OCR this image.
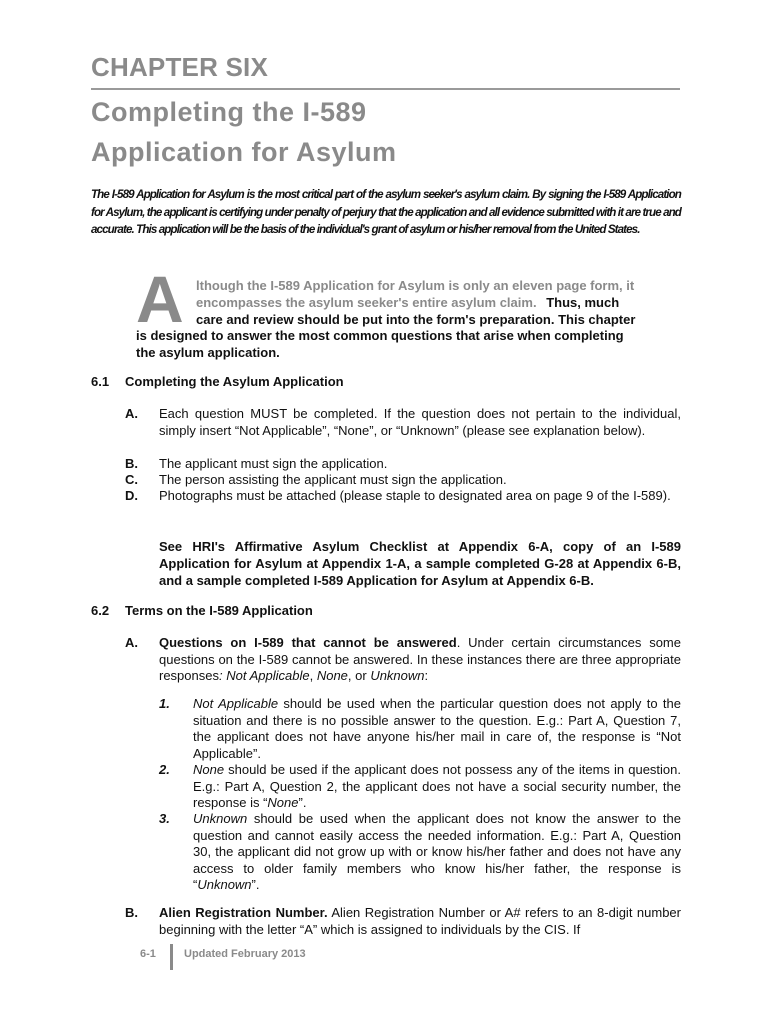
CHAPTER SIX
Completing the I-589
Application for Asylum
The I-589 Application for Asylum is the most critical part of the asylum seeker's asylum claim. By signing the I-589 Application for Asylum, the applicant is certifying under penalty of perjury that the application and all evidence submitted with it are true and accurate. This application will be the basis of the individual's grant of asylum or his/her removal from the United States.
A lthough the I-589 Application for Asylum is only an eleven page form, it
encompasses the asylum seeker's entire asylum claim. Thus, much
care and review should be put into the form's preparation. This chapter
is designed to answer the most common questions that arise when completing
the asylum application.
6.1 Completing the Asylum Application
A. Each question MUST be completed. If the question does not pertain to the individual, simply insert “Not Applicable”, “None”, or “Unknown” (please see explanation below).
B. The applicant must sign the application.
C. The person assisting the applicant must sign the application.
D. Photographs must be attached (please staple to designated area on page 9 of the I-589).
See HRI's Affirmative Asylum Checklist at Appendix 6-A, copy of an I-589 Application for Asylum at Appendix 1-A, a sample completed G-28 at Appendix 6-B, and a sample completed I-589 Application for Asylum at Appendix 6-B.
6.2 Terms on the I-589 Application
A. Questions on I-589 that cannot be answered. Under certain circumstances some questions on the I-589 cannot be answered. In these instances there are three appropriate responses: Not Applicable, None, or Unknown:
1. Not Applicable should be used when the particular question does not apply to the situation and there is no possible answer to the question. E.g.: Part A, Question 7, the applicant does not have anyone his/her mail in care of, the response is “Not Applicable”.
2. None should be used if the applicant does not possess any of the items in question. E.g.: Part A, Question 2, the applicant does not have a social security number, the response is “None”.
3. Unknown should be used when the applicant does not know the answer to the question and cannot easily access the needed information. E.g.: Part A, Question 30, the applicant did not grow up with or know his/her father and does not have any access to older family members who know his/her father, the response is “Unknown”.
B. Alien Registration Number. Alien Registration Number or A# refers to an 8-digit number beginning with the letter “A” which is assigned to individuals by the CIS. If
6-1	Updated February 2013
